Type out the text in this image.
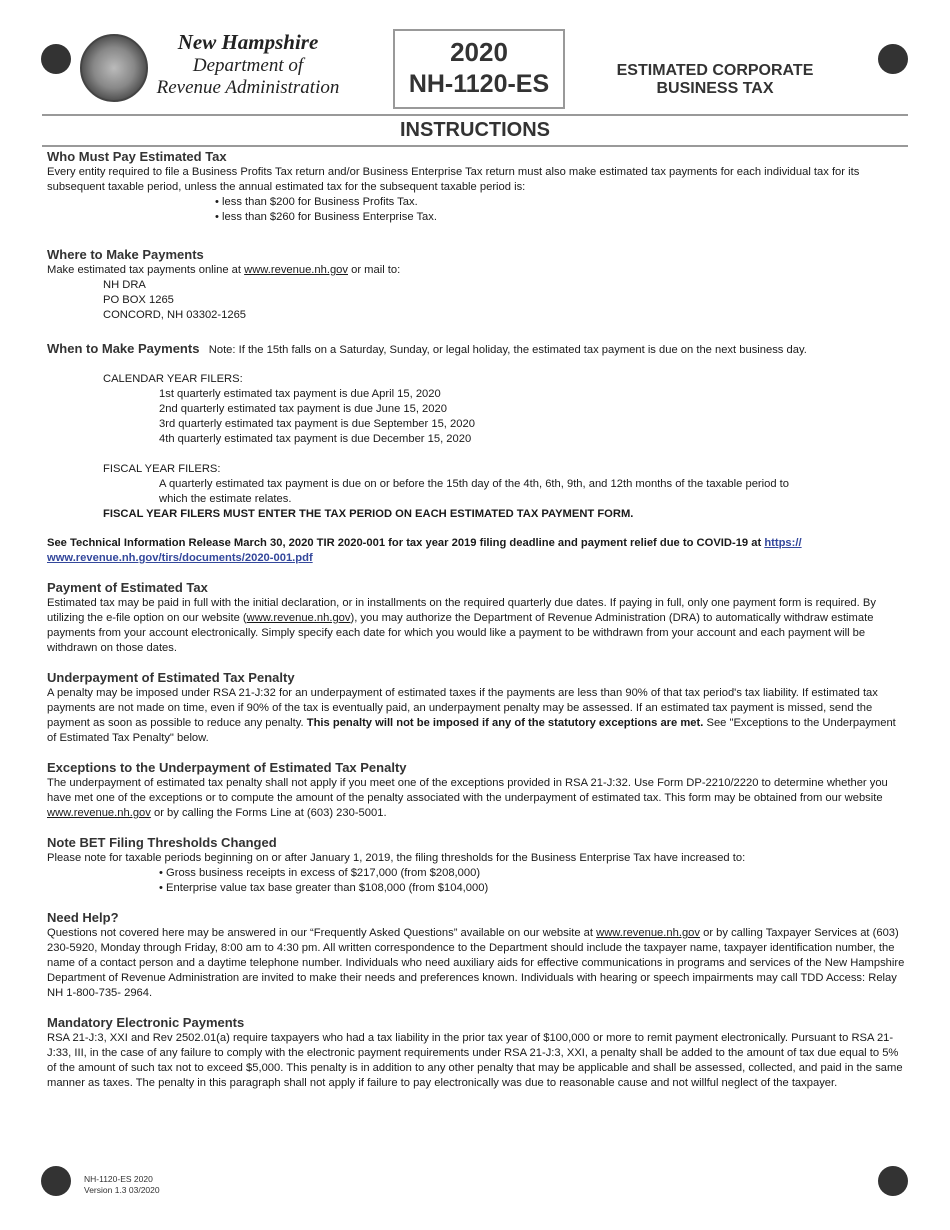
New Hampshire
Department of
Revenue Administration
2020
NH-1120-ES	ESTIMATED CORPORATE
BUSINESS TAX
INSTRUCTIONS
Who Must Pay Estimated Tax

Every entity required to file a Business Profits Tax return and/or Business Enterprise Tax return must also make estimated tax payments for each individual tax for its subsequent taxable period, unless the annual estimated tax for the subsequent taxable period is:

• less than $200 for Business Profits Tax.

• less than $260 for Business Enterprise Tax.

Where to Make Payments

Make estimated tax payments online at www.revenue.nh.gov or mail to:

NH DRA

PO BOX 1265

CONCORD, NH 03302-1265

When to Make Payments Note: If the 15th falls on a Saturday, Sunday, or legal holiday, the estimated tax payment is due on the next business day.

CALENDAR YEAR FILERS:

1st quarterly estimated tax payment is due April 15, 2020

2nd quarterly estimated tax payment is due June 15, 2020

3rd quarterly estimated tax payment is due September 15, 2020

4th quarterly estimated tax payment is due December 15, 2020

FISCAL YEAR FILERS:

A quarterly estimated tax payment is due on or before the 15th day of the 4th, 6th, 9th, and 12th months of the taxable period to

which the estimate relates.

FISCAL YEAR FILERS MUST ENTER THE TAX PERIOD ON EACH ESTIMATED TAX PAYMENT FORM.

See Technical Information Release March 30, 2020 TIR 2020-001 for tax year 2019 filing deadline and payment relief due to COVID-19 at https://
www.revenue.nh.gov/tirs/documents/2020-001.pdf

Payment of Estimated Tax

Estimated tax may be paid in full with the initial declaration, or in installments on the required quarterly due dates. If paying in full, only one payment form is required. By utilizing the e-file option on our website (www.revenue.nh.gov), you may authorize the Department of Revenue Administration (DRA) to automatically withdraw estimate payments from your account electronically. Simply specify each date for which you would like a payment to be withdrawn from your account and each payment will be withdrawn on those dates.

Underpayment of Estimated Tax Penalty

A penalty may be imposed under RSA 21-J:32 for an underpayment of estimated taxes if the payments are less than 90% of that tax period's tax liability. If estimated tax payments are not made on time, even if 90% of the tax is eventually paid, an underpayment penalty may be assessed. If an estimated tax payment is missed, send the payment as soon as possible to reduce any penalty. This penalty will not be imposed if any of the statutory exceptions are met. See "Exceptions to the Underpayment of Estimated Tax Penalty" below.

Exceptions to the Underpayment of Estimated Tax Penalty

The underpayment of estimated tax penalty shall not apply if you meet one of the exceptions provided in RSA 21-J:32. Use Form DP-2210/2220 to determine whether you have met one of the exceptions or to compute the amount of the penalty associated with the underpayment of estimated tax. This form may be obtained from our website www.revenue.nh.gov or by calling the Forms Line at (603) 230-5001.

Note BET Filing Thresholds Changed

Please note for taxable periods beginning on or after January 1, 2019, the filing thresholds for the Business Enterprise Tax have increased to:

• Gross business receipts in excess of $217,000 (from $208,000)

• Enterprise value tax base greater than $108,000 (from $104,000)

Need Help?

Questions not covered here may be answered in our “Frequently Asked Questions” available on our website at www.revenue.nh.gov or by calling Taxpayer Services at (603) 230-5920, Monday through Friday, 8:00 am to 4:30 pm. All written correspondence to the Department should include the taxpayer name, taxpayer identification number, the name of a contact person and a daytime telephone number. Individuals who need auxiliary aids for effective communications in programs and services of the New Hampshire Department of Revenue Administration are invited to make their needs and preferences known. Individuals with hearing or speech impairments may call TDD Access: Relay NH 1-800-735- 2964.

Mandatory Electronic Payments

RSA 21-J:3, XXI and Rev 2502.01(a) require taxpayers who had a tax liability in the prior tax year of $100,000 or more to remit payment electronically. Pursuant to RSA 21-J:33, III, in the case of any failure to comply with the electronic payment requirements under RSA 21-J:3, XXI, a penalty shall be added to the amount of tax due equal to 5% of the amount of such tax not to exceed $5,000. This penalty is in addition to any other penalty that may be applicable and shall be assessed, collected, and paid in the same manner as taxes. The penalty in this paragraph shall not apply if failure to pay electronically was due to reasonable cause and not willful neglect of the taxpayer.

NH-1120-ES 2020
Version 1.3 03/2020
